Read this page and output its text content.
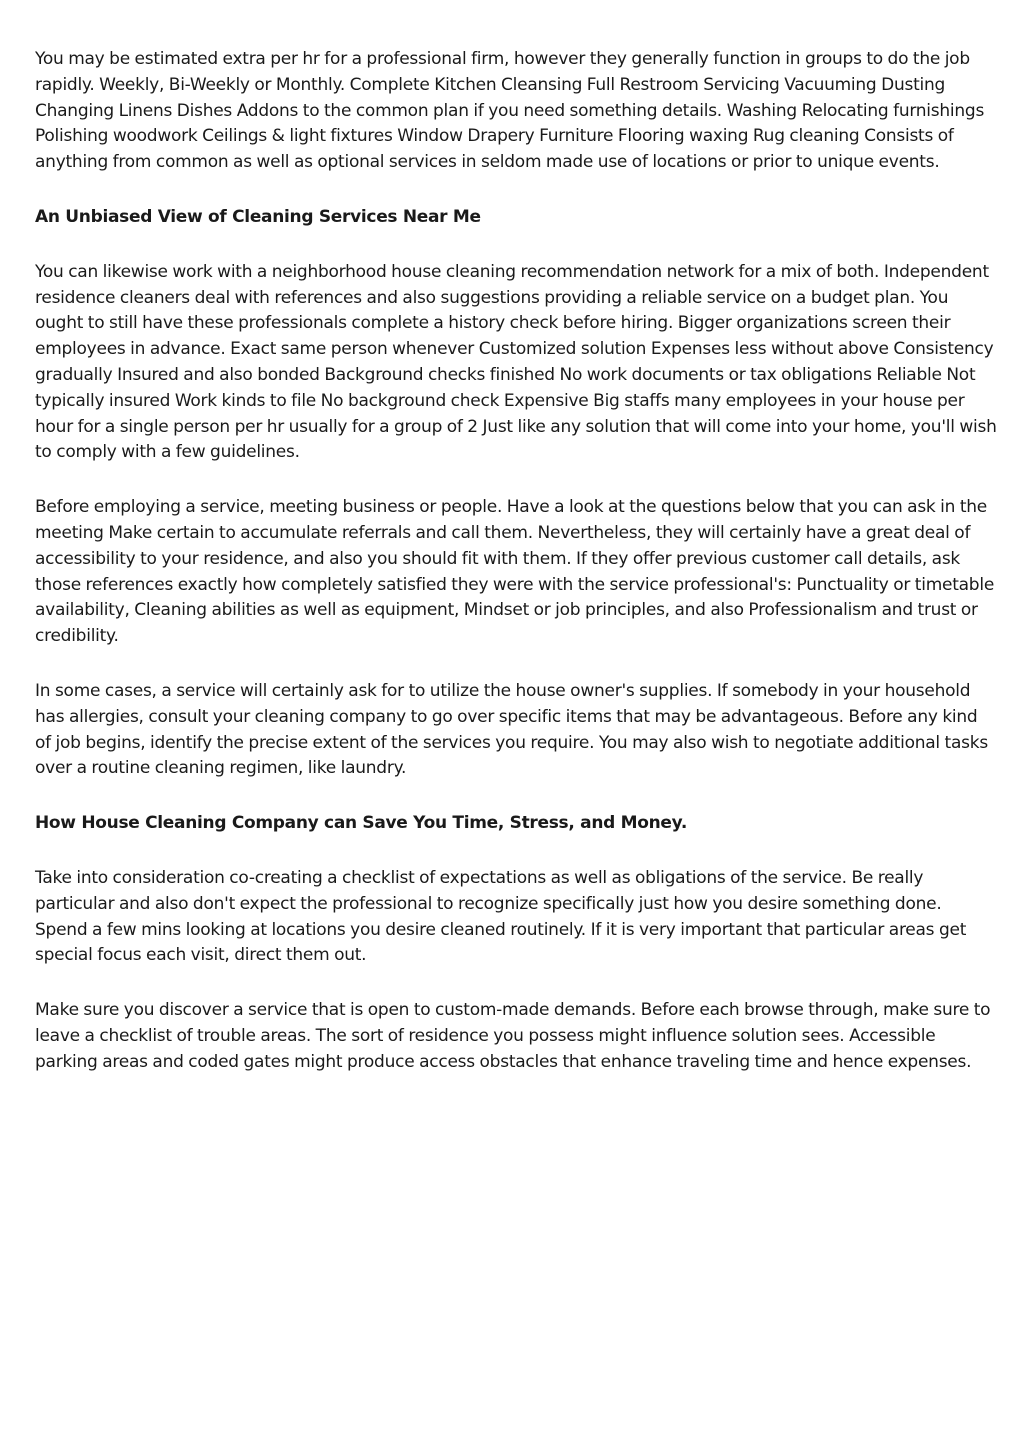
You may be estimated extra per hr for a professional firm, however they generally function in groups to do the job rapidly. Weekly, Bi-Weekly or Monthly. Complete Kitchen Cleansing Full Restroom Servicing Vacuuming Dusting Changing Linens Dishes Addons to the common plan if you need something details. Washing Relocating furnishings Polishing woodwork Ceilings & light fixtures Window Drapery Furniture Flooring waxing Rug cleaning Consists of anything from common as well as optional services in seldom made use of locations or prior to unique events.

An Unbiased View of Cleaning Services Near Me

You can likewise work with a neighborhood house cleaning recommendation network for a mix of both. Independent residence cleaners deal with references and also suggestions providing a reliable service on a budget plan. You ought to still have these professionals complete a history check before hiring. Bigger organizations screen their employees in advance. Exact same person whenever Customized solution Expenses less without above Consistency gradually Insured and also bonded Background checks finished No work documents or tax obligations Reliable Not typically insured Work kinds to file No background check Expensive Big staffs many employees in your house per hour for a single person per hr usually for a group of 2 Just like any solution that will come into your home, you'll wish to comply with a few guidelines.

Before employing a service, meeting business or people. Have a look at the questions below that you can ask in the meeting Make certain to accumulate referrals and call them. Nevertheless, they will certainly have a great deal of accessibility to your residence, and also you should fit with them. If they offer previous customer call details, ask those references exactly how completely satisfied they were with the service professional's: Punctuality or timetable availability, Cleaning abilities as well as equipment, Mindset or job principles, and also Professionalism and trust or credibility.

In some cases, a service will certainly ask for to utilize the house owner's supplies. If somebody in your household has allergies, consult your cleaning company to go over specific items that may be advantageous. Before any kind of job begins, identify the precise extent of the services you require. You may also wish to negotiate additional tasks over a routine cleaning regimen, like laundry.

How House Cleaning Company can Save You Time, Stress, and Money.

Take into consideration co-creating a checklist of expectations as well as obligations of the service. Be really particular and also don't expect the professional to recognize specifically just how you desire something done. Spend a few mins looking at locations you desire cleaned routinely. If it is very important that particular areas get special focus each visit, direct them out.

Make sure you discover a service that is open to custom-made demands. Before each browse through, make sure to leave a checklist of trouble areas. The sort of residence you possess might influence solution sees. Accessible parking areas and coded gates might produce access obstacles that enhance traveling time and hence expenses.
